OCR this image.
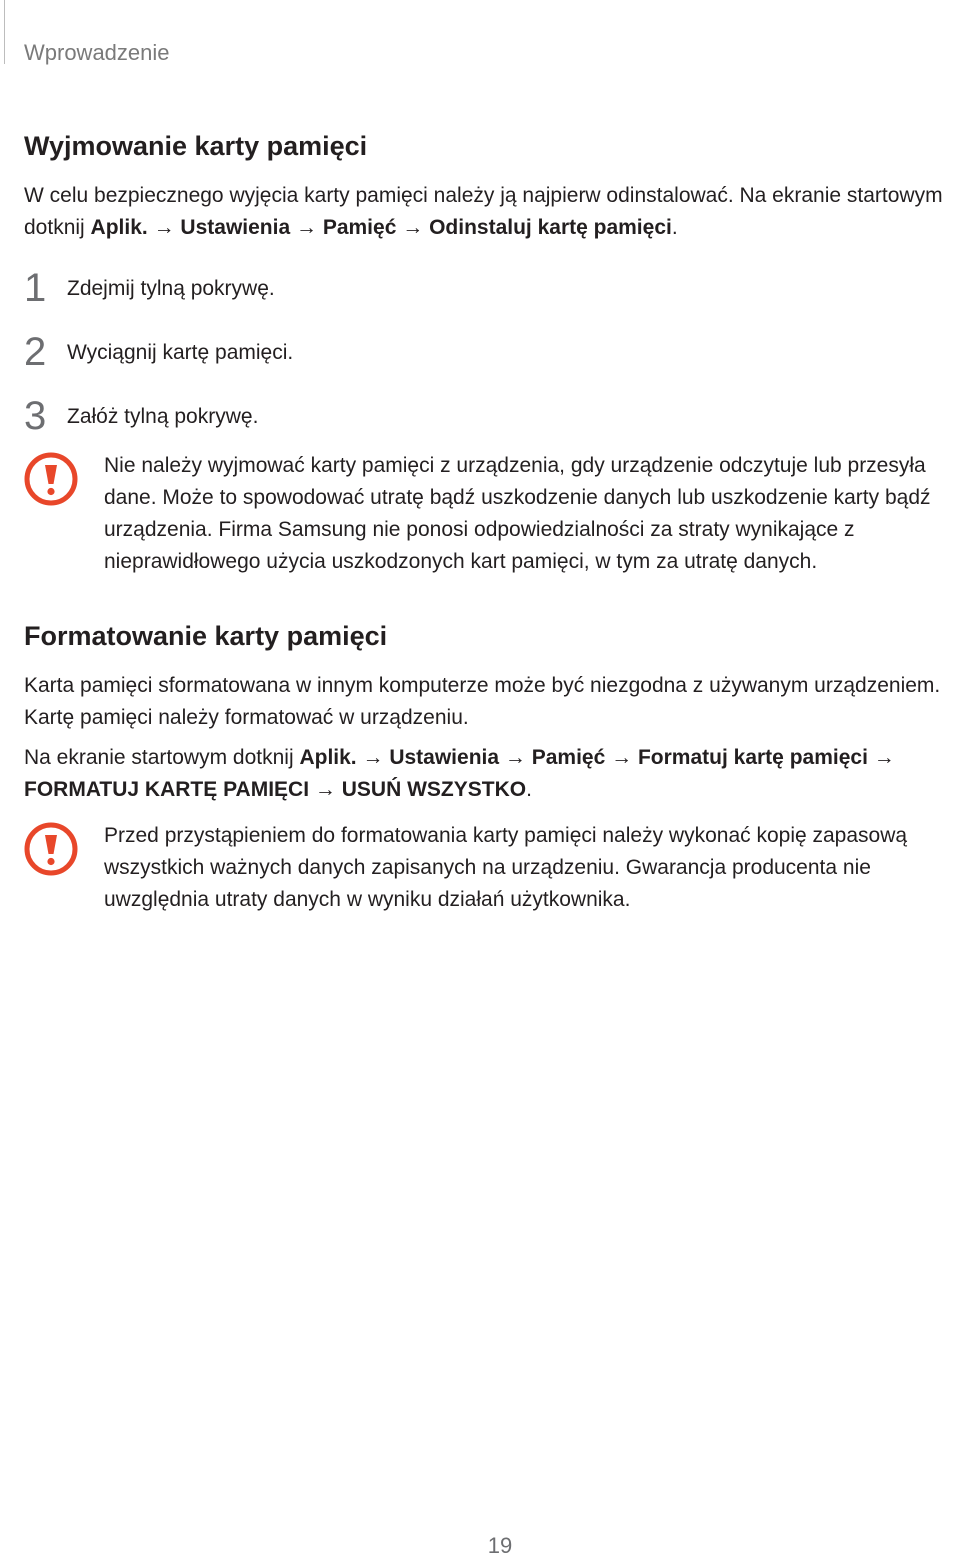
Wprowadzenie
Wyjmowanie karty pamięci

W celu bezpiecznego wyjęcia karty pamięci należy ją najpierw odinstalować. Na ekranie startowym dotknij Aplik. → Ustawienia → Pamięć → Odinstaluj kartę pamięci.

1 Zdejmij tylną pokrywę.
2 Wyciągnij kartę pamięci.
3 Załóż tylną pokrywę.

Nie należy wyjmować karty pamięci z urządzenia, gdy urządzenie odczytuje lub przesyła dane. Może to spowodować utratę bądź uszkodzenie danych lub uszkodzenie karty bądź urządzenia. Firma Samsung nie ponosi odpowiedzialności za straty wynikające z nieprawidłowego użycia uszkodzonych kart pamięci, w tym za utratę danych.

Formatowanie karty pamięci

Karta pamięci sformatowana w innym komputerze może być niezgodna z używanym urządzeniem. Kartę pamięci należy formatować w urządzeniu.

Na ekranie startowym dotknij Aplik. → Ustawienia → Pamięć → Formatuj kartę pamięci →
FORMATUJ KARTĘ PAMIĘCI → USUŃ WSZYSTKO.

Przed przystąpieniem do formatowania karty pamięci należy wykonać kopię zapasową wszystkich ważnych danych zapisanych na urządzeniu. Gwarancja producenta nie uwzględnia utraty danych w wyniku działań użytkownika.

19
